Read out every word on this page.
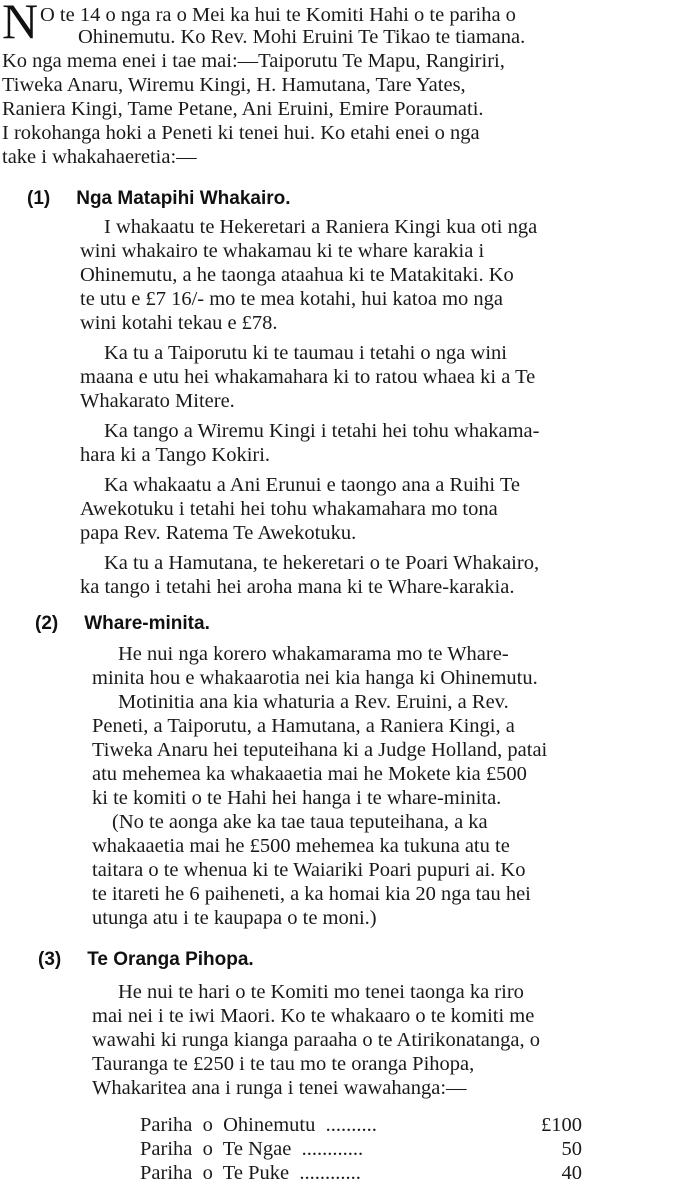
N O te 14 o nga ra o Mei ka hui te Komiti Hahi o te pariha o
Ohinemutu. Ko Rev. Mohi Eruini Te Tikao te tiamana.
Ko nga mema enei i tae mai:—Taiporutu Te Mapu, Rangiriri,
Tiweka Anaru, Wiremu Kingi, H. Hamutana, Tare Yates,
Raniera Kingi, Tame Petane, Ani Eruini, Emire Poraumati.
I rokohanga hoki a Peneti ki tenei hui. Ko etahi enei o nga
take i whakahaeretia:—
(1) Nga Matapihi Whakairo.
I whakaatu te Hekeretari a Raniera Kingi kua oti nga
wini whakairo te whakamau ki te whare karakia i
Ohinemutu, a he taonga ataahua ki te Matakitaki. Ko
te utu e £7 16/- mo te mea kotahi, hui katoa mo nga
wini kotahi tekau e £78.
Ka tu a Taiporutu ki te taumau i tetahi o nga wini
maana e utu hei whakamahara ki to ratou whaea ki a Te
Whakarato Mitere.
Ka tango a Wiremu Kingi i tetahi hei tohu whakama-
hara ki a Tango Kokiri.
Ka whakaatu a Ani Erunui e taongo ana a Ruihi Te
Awekotuku i tetahi hei tohu whakamahara mo tona
papa Rev. Ratema Te Awekotuku.
Ka tu a Hamutana, te hekeretari o te Poari Whakairo,
ka tango i tetahi hei aroha mana ki te Whare-karakia.
(2) Whare-minita.
He nui nga korero whakamarama mo te Whare-
minita hou e whakaarotia nei kia hanga ki Ohinemutu.
Motinitia ana kia whaturia a Rev. Eruini, a Rev.
Peneti, a Taiporutu, a Hamutana, a Raniera Kingi, a
Tiweka Anaru hei teputeihana ki a Judge Holland, patai
atu mehemea ka whakaaetia mai he Mokete kia £500
ki te komiti o te Hahi hei hanga i te whare-minita.
(No te aonga ake ka tae taua teputeihana, a ka
whakaaetia mai he £500 mehemea ka tukuna atu te
taitara o te whenua ki te Waiariki Poari pupuri ai. Ko
te itareti he 6 paiheneti, a ka homai kia 20 nga tau hei
utunga atu i te kaupapa o te moni.)
(3) Te Oranga Pihopa.
He nui te hari o te Komiti mo tenei taonga ka riro
mai nei i te iwi Maori. Ko te whakaaro o te komiti me
wawahi ki runga kianga paraaha o te Atirikonatanga, o
Tauranga te £250 i te tau mo te oranga Pihopa,
Whakaritea ana i runga i tenei wawahanga:—
Pariha  o  Ohinemutu  ..........	£100
Pariha  o  Te Ngae  ............	50
Pariha  o  Te Puke  ............	40
